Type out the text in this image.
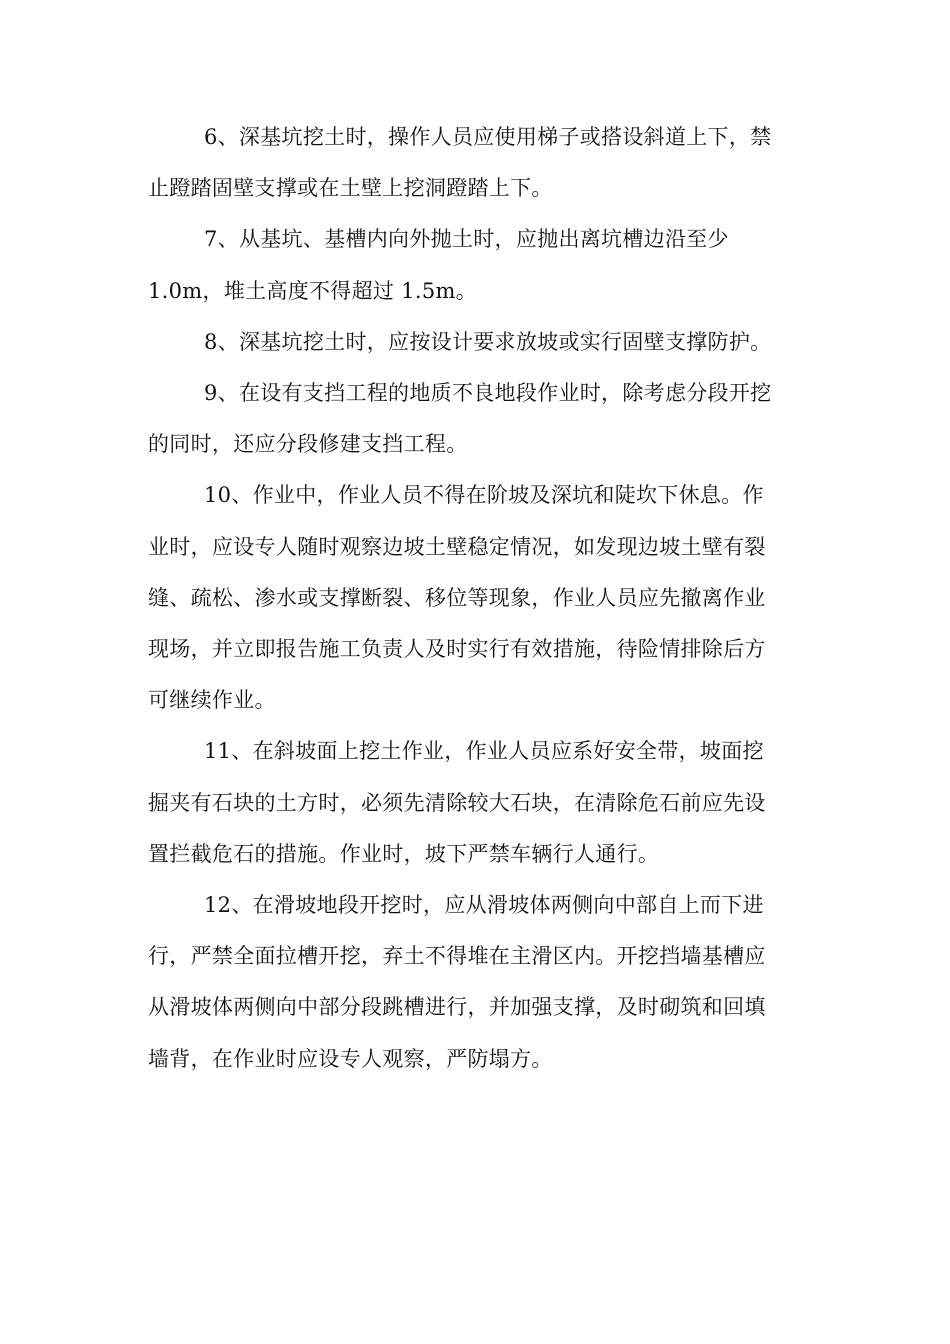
6、深基坑挖土时，操作人员应使用梯子或搭设斜道上下，禁
止蹬踏固壁支撑或在土壁上挖洞蹬踏上下。
7、从基坑、基槽内向外抛土时，应抛出离坑槽边沿至少
1.0m，堆土高度不得超过 1.5m。
8、深基坑挖土时，应按设计要求放坡或实行固壁支撑防护。
9、在设有支挡工程的地质不良地段作业时，除考虑分段开挖
的同时，还应分段修建支挡工程。
10、作业中，作业人员不得在阶坡及深坑和陡坎下休息。作
业时，应设专人随时观察边坡土壁稳定情况，如发现边坡土壁有裂
缝、疏松、渗水或支撑断裂、移位等现象，作业人员应先撤离作业
现场，并立即报告施工负责人及时实行有效措施，待险情排除后方
可继续作业。
11、在斜坡面上挖土作业，作业人员应系好安全带，坡面挖
掘夹有石块的土方时，必须先清除较大石块，在清除危石前应先设
置拦截危石的措施。作业时，坡下严禁车辆行人通行。
12、在滑坡地段开挖时，应从滑坡体两侧向中部自上而下进
行，严禁全面拉槽开挖，弃土不得堆在主滑区内。开挖挡墙基槽应
从滑坡体两侧向中部分段跳槽进行，并加强支撑，及时砌筑和回填
墙背，在作业时应设专人观察，严防塌方。
